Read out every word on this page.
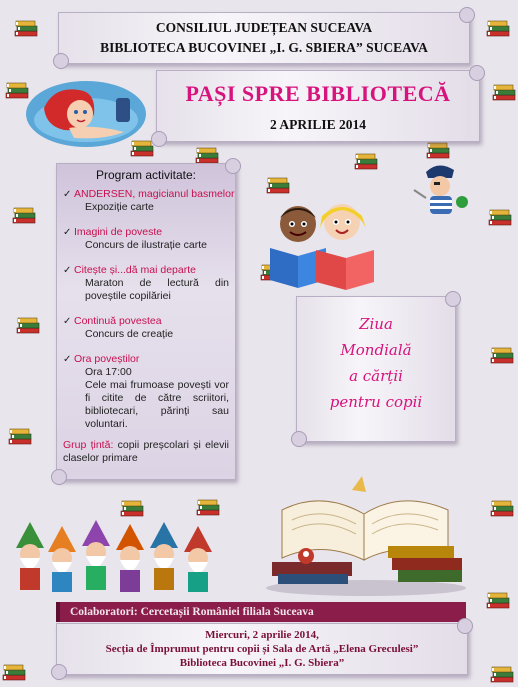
CONSILIUL JUDEȚEAN SUCEAVA
BIBLIOTECA BUCOVINEI „I. G. SBIERA” SUCEAVA
PAȘI SPRE BIBLIOTECĂ
2 APRILIE 2014
Program activitate:
✓ ANDERSEN, magicianul basmelor
Expoziție carte
✓ Imagini de poveste
Concurs de ilustrație carte
✓ Citește și...dă mai departe
Maraton de lectură din poveștile copilăriei
✓ Continuă povestea
Concurs de creație
✓ Ora poveștilor
Ora 17:00
Cele mai frumoase povești vor fi citite de către scriitori, bibliotecari, părinți sau voluntari.
Grup țintă: copii preșcolari și elevii claselor primare
Ziua
Mondială
a cărții
pentru copii
Colaboratori: Cercetașii României filiala Suceava
Miercuri, 2 aprilie 2014,
Secția de Împrumut pentru copii și Sala de Artă „Elena Greculesi”
Biblioteca Bucovinei „I. G. Sbiera”
